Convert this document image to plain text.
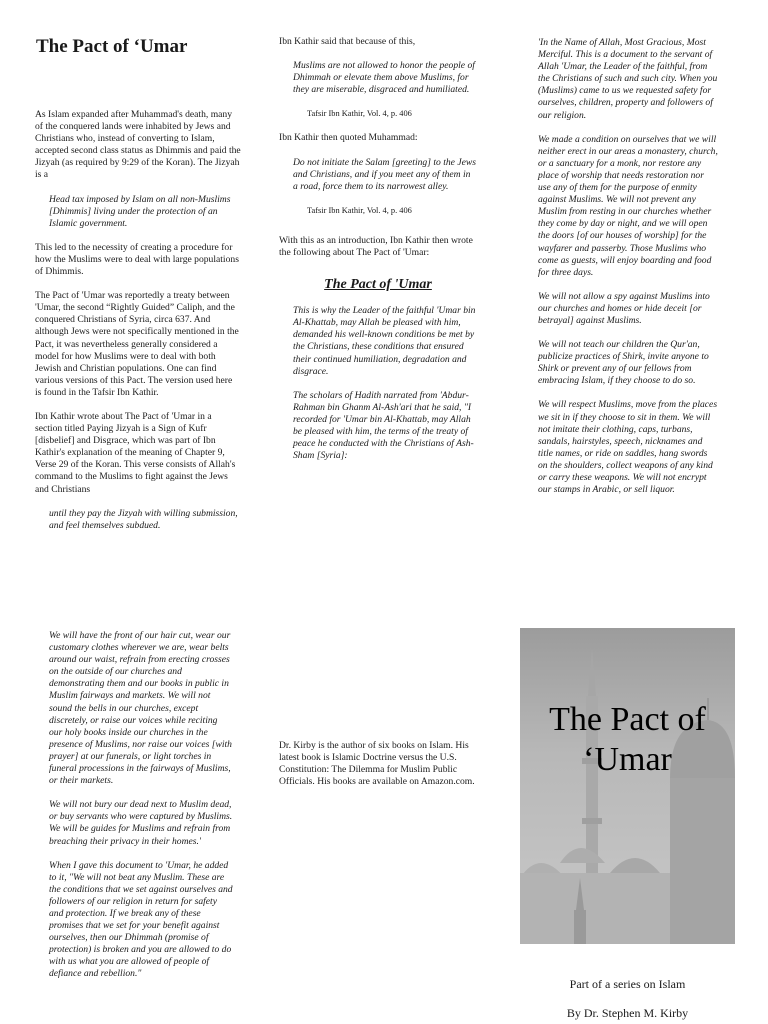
The Pact of ‘Umar

As Islam expanded after Muhammad's death, many of the conquered lands were inhabited by Jews and Christians who, instead of converting to Islam, accepted second class status as Dhimmis and paid the Jizyah (as required by 9:29 of the Koran). The Jizyah is a

Head tax imposed by Islam on all non-Muslims [Dhimmis] living under the protection of an Islamic government.

This led to the necessity of creating a procedure for how the Muslims were to deal with large populations of Dhimmis.

The Pact of 'Umar was reportedly a treaty between 'Umar, the second “Rightly Guided” Caliph, and the conquered Christians of Syria, circa 637. And although Jews were not specifically mentioned in the Pact, it was nevertheless generally considered a model for how Muslims were to deal with both Jewish and Christian populations. One can find various versions of this Pact. The version used here is found in the Tafsir Ibn Kathir.

Ibn Kathir wrote about The Pact of 'Umar in a section titled Paying Jizyah is a Sign of Kufr [disbelief] and Disgrace, which was part of Ibn Kathir's explanation of the meaning of Chapter 9, Verse 29 of the Koran. This verse consists of Allah's command to the Muslims to fight against the Jews and Christians

until they pay the Jizyah with willing submission, and feel themselves subdued.

Ibn Kathir said that because of this,

Muslims are not allowed to honor the people of Dhimmah or elevate them above Muslims, for they are miserable, disgraced and humiliated.

Tafsir Ibn Kathir, Vol. 4, p. 406

Ibn Kathir then quoted Muhammad:

Do not initiate the Salam [greeting] to the Jews and Christians, and if you meet any of them in a road, force them to its narrowest alley.

Tafsir Ibn Kathir, Vol. 4, p. 406

With this as an introduction, Ibn Kathir then wrote the following about The Pact of 'Umar:

The Pact of 'Umar

This is why the Leader of the faithful 'Umar bin Al-Khattab, may Allah be pleased with him, demanded his well-known conditions be met by the Christians, these conditions that ensured their continued humiliation, degradation and disgrace.

The scholars of Hadith narrated from 'Abdur-Rahman bin Ghanm Al-Ash'ari that he said, "I recorded for 'Umar bin Al-Khattab, may Allah be pleased with him, the terms of the treaty of peace he conducted with the Christians of Ash-Sham [Syria]:

'In the Name of Allah, Most Gracious, Most Merciful. This is a document to the servant of Allah 'Umar, the Leader of the faithful, from the Christians of such and such city. When you (Muslims) came to us we requested safety for ourselves, children, property and followers of our religion.

We made a condition on ourselves that we will neither erect in our areas a monastery, church, or a sanctuary for a monk, nor restore any place of worship that needs restoration nor use any of them for the purpose of enmity against Muslims. We will not prevent any Muslim from resting in our churches whether they come by day or night, and we will open the doors [of our houses of worship] for the wayfarer and passerby. Those Muslims who come as guests, will enjoy boarding and food for three days.

We will not allow a spy against Muslims into our churches and homes or hide deceit [or betrayal] against Muslims.

We will not teach our children the Qur'an, publicize practices of Shirk, invite anyone to Shirk or prevent any of our fellows from embracing Islam, if they choose to do so.

We will respect Muslims, move from the places we sit in if they choose to sit in them. We will not imitate their clothing, caps, turbans, sandals, hairstyles, speech, nicknames and title names, or ride on saddles, hang swords on the shoulders, collect weapons of any kind or carry these weapons. We will not encrypt our stamps in Arabic, or sell liquor.

We will have the front of our hair cut, wear our customary clothes wherever we are, wear belts around our waist, refrain from erecting crosses on the outside of our churches and demonstrating them and our books in public in Muslim fairways and markets. We will not sound the bells in our churches, except discretely, or raise our voices while reciting our holy books inside our churches in the presence of Muslims, nor raise our voices [with prayer] at our funerals, or light torches in funeral processions in the fairways of Muslims, or their markets.

We will not bury our dead next to Muslim dead, or buy servants who were captured by Muslims. We will be guides for Muslims and refrain from breaching their privacy in their homes.'

When I gave this document to 'Umar, he added to it, "We will not beat any Muslim. These are the conditions that we set against ourselves and followers of our religion in return for safety and protection. If we break any of these promises that we set for your benefit against ourselves, then our Dhimmah (promise of protection) is broken and you are allowed to do with us what you are allowed of people of defiance and rebellion."

Dr. Kirby is the author of six books on Islam. His latest book is Islamic Doctrine versus the U.S. Constitution: The Dilemma for Muslim Public Officials. His books are available on Amazon.com.

The Pact of
‘Umar
Part of a series on Islam
By Dr. Stephen M. Kirby
